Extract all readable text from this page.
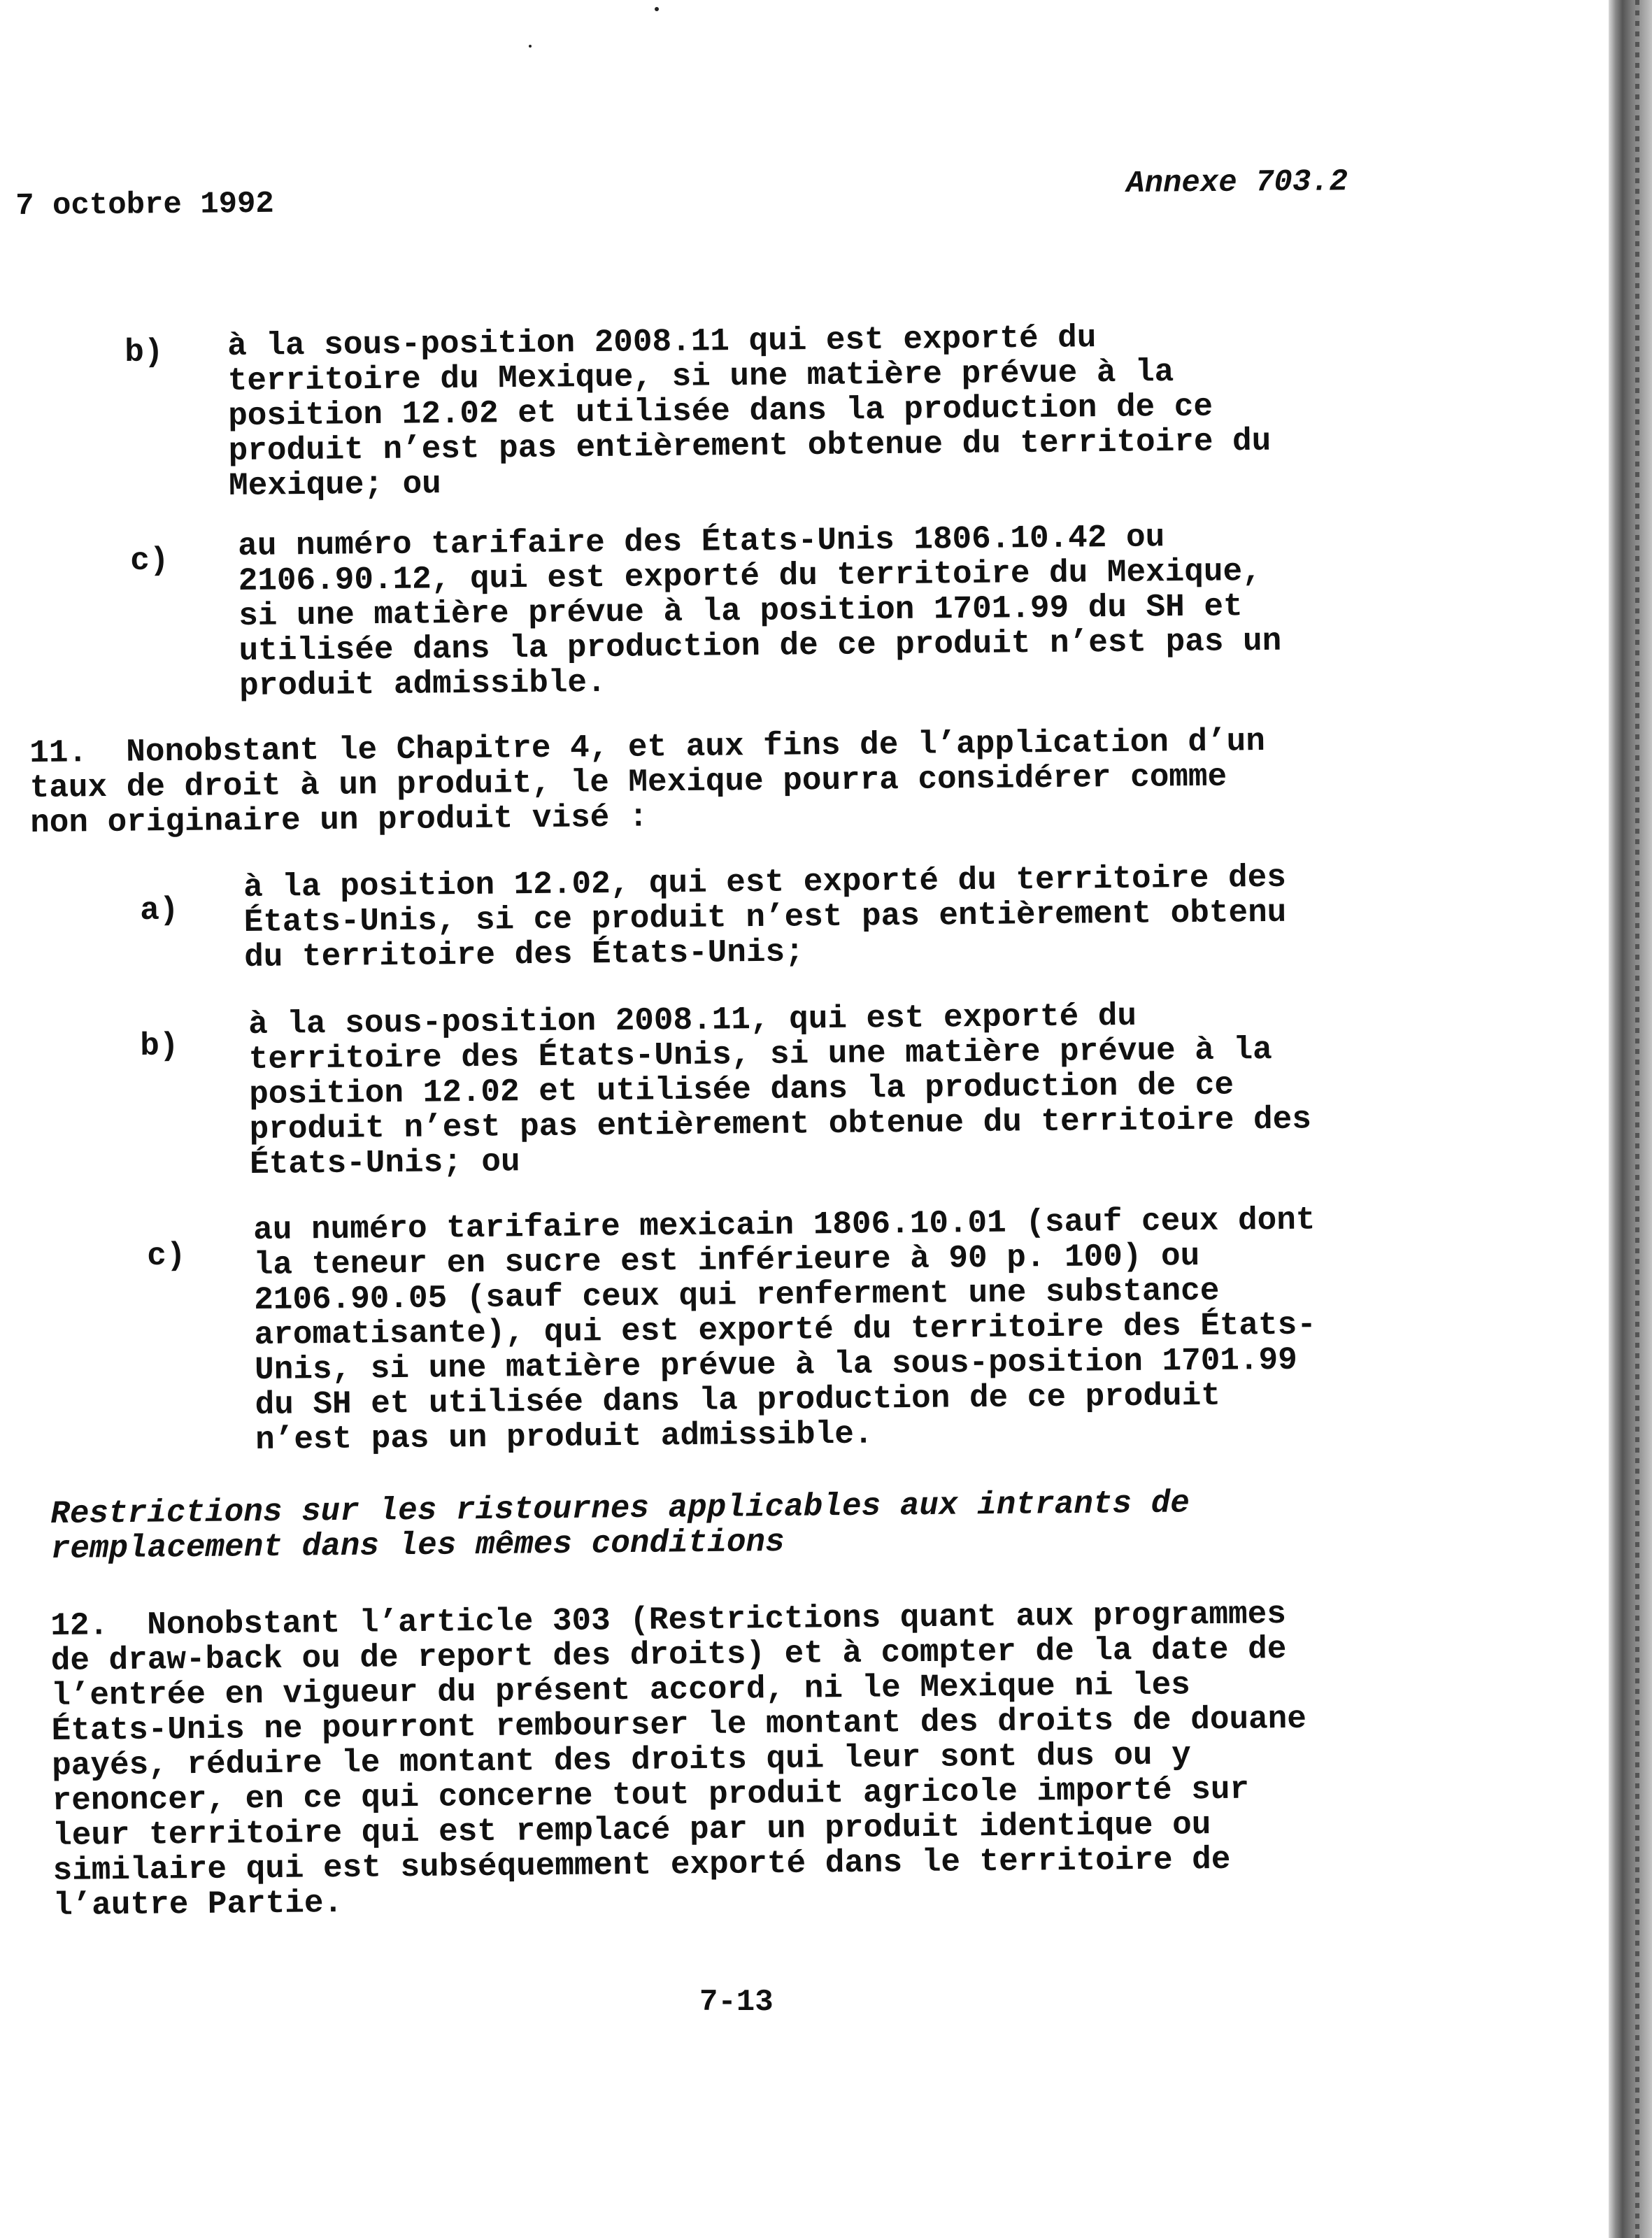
7 octobre 1992
Annexe 703.2
b) à la sous-position 2008.11 qui est exporté du
territoire du Mexique, si une matière prévue à la
position 12.02 et utilisée dans la production de ce
produit n’est pas entièrement obtenue du territoire du
Mexique; ou
c) au numéro tarifaire des États-Unis 1806.10.42 ou
2106.90.12, qui est exporté du territoire du Mexique,
si une matière prévue à la position 1701.99 du SH et
utilisée dans la production de ce produit n’est pas un
produit admissible.
11.  Nonobstant le Chapitre 4, et aux fins de l’application d’un
taux de droit à un produit, le Mexique pourra considérer comme
non originaire un produit visé :
a)
à la position 12.02, qui est exporté du territoire des
États-Unis, si ce produit n’est pas entièrement obtenu
du territoire des États-Unis;
b)
à la sous-position 2008.11, qui est exporté du
territoire des États-Unis, si une matière prévue à la
position 12.02 et utilisée dans la production de ce
produit n’est pas entièrement obtenue du territoire des
États-Unis; ou
c)
au numéro tarifaire mexicain 1806.10.01 (sauf ceux dont
la teneur en sucre est inférieure à 90 p. 100) ou
2106.90.05 (sauf ceux qui renferment une substance
aromatisante), qui est exporté du territoire des États-
Unis, si une matière prévue à la sous-position 1701.99
du SH et utilisée dans la production de ce produit
n’est pas un produit admissible.
Restrictions sur les ristournes applicables aux intrants de
remplacement dans les mêmes conditions
12.  Nonobstant l’article 303 (Restrictions quant aux programmes
de draw-back ou de report des droits) et à compter de la date de
l’entrée en vigueur du présent accord, ni le Mexique ni les
États-Unis ne pourront rembourser le montant des droits de douane
payés, réduire le montant des droits qui leur sont dus ou y
renoncer, en ce qui concerne tout produit agricole importé sur
leur territoire qui est remplacé par un produit identique ou
similaire qui est subséquemment exporté dans le territoire de
l’autre Partie.
7-13
